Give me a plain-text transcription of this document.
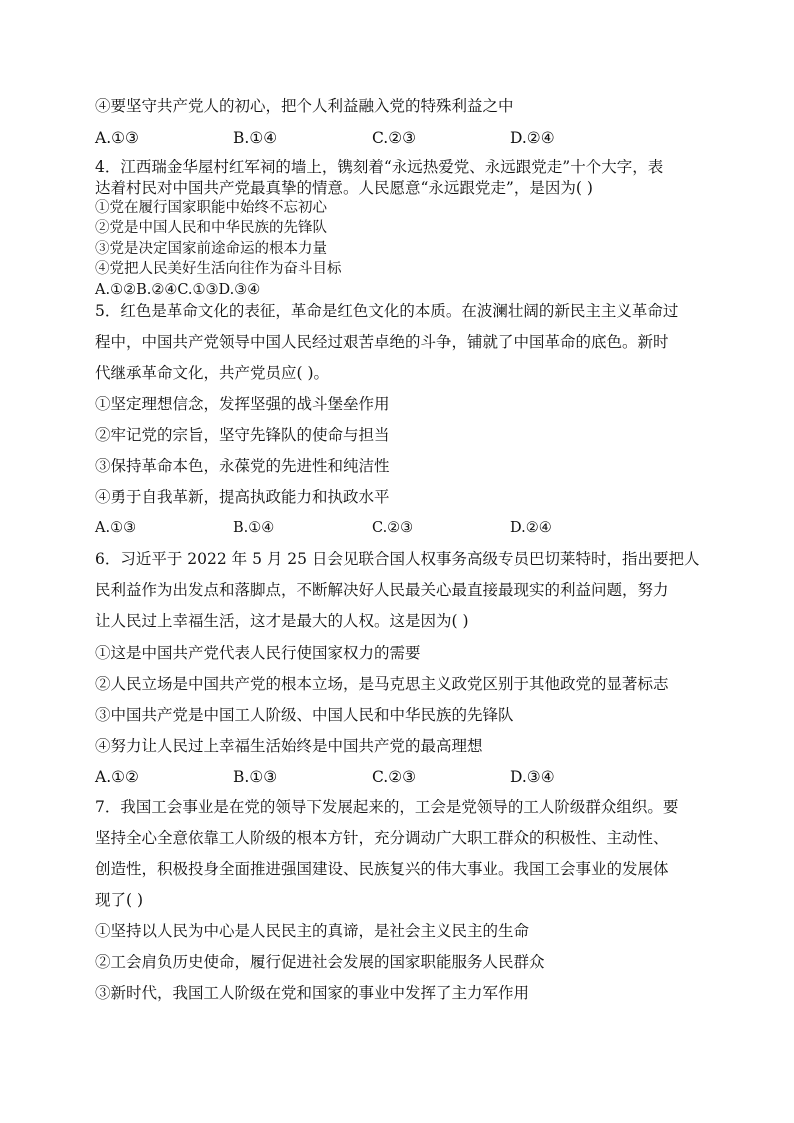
④要坚守共产党人的初心，把个人利益融入党的特殊利益之中
A.①③	B.①④	C.②③	D.②④
4．江西瑞金华屋村红军祠的墙上，镌刻着“永远热爱党、永远跟党走”十个大字，表
达着村民对中国共产党最真挚的情意。人民愿意“永远跟党走”，是因为( )
①党在履行国家职能中始终不忘初心
②党是中国人民和中华民族的先锋队
③党是决定国家前途命运的根本力量
④党把人民美好生活向往作为奋斗目标
A.①②B.②④C.①③D.③④
5．红色是革命文化的表征，革命是红色文化的本质。在波澜壮阔的新民主主义革命过
程中，中国共产党领导中国人民经过艰苦卓绝的斗争，铺就了中国革命的底色。新时
代继承革命文化，共产党员应( )。
①坚定理想信念，发挥坚强的战斗堡垒作用
②牢记党的宗旨，坚守先锋队的使命与担当
③保持革命本色，永葆党的先进性和纯洁性
④勇于自我革新，提高执政能力和执政水平
A.①③	B.①④	C.②③	D.②④
6．习近平于 2022 年 5 月 25 日会见联合国人权事务高级专员巴切莱特时，指出要把人
民利益作为出发点和落脚点，不断解决好人民最关心最直接最现实的利益问题，努力
让人民过上幸福生活，这才是最大的人权。这是因为( )
①这是中国共产党代表人民行使国家权力的需要
②人民立场是中国共产党的根本立场，是马克思主义政党区别于其他政党的显著标志
③中国共产党是中国工人阶级、中国人民和中华民族的先锋队
④努力让人民过上幸福生活始终是中国共产党的最高理想
A.①②	B.①③	C.②③	D.③④
7．我国工会事业是在党的领导下发展起来的，工会是党领导的工人阶级群众组织。要
坚持全心全意依靠工人阶级的根本方针，充分调动广大职工群众的积极性、主动性、
创造性，积极投身全面推进强国建设、民族复兴的伟大事业。我国工会事业的发展体
现了( )
①坚持以人民为中心是人民民主的真谛，是社会主义民主的生命
②工会肩负历史使命，履行促进社会发展的国家职能服务人民群众
③新时代，我国工人阶级在党和国家的事业中发挥了主力军作用
